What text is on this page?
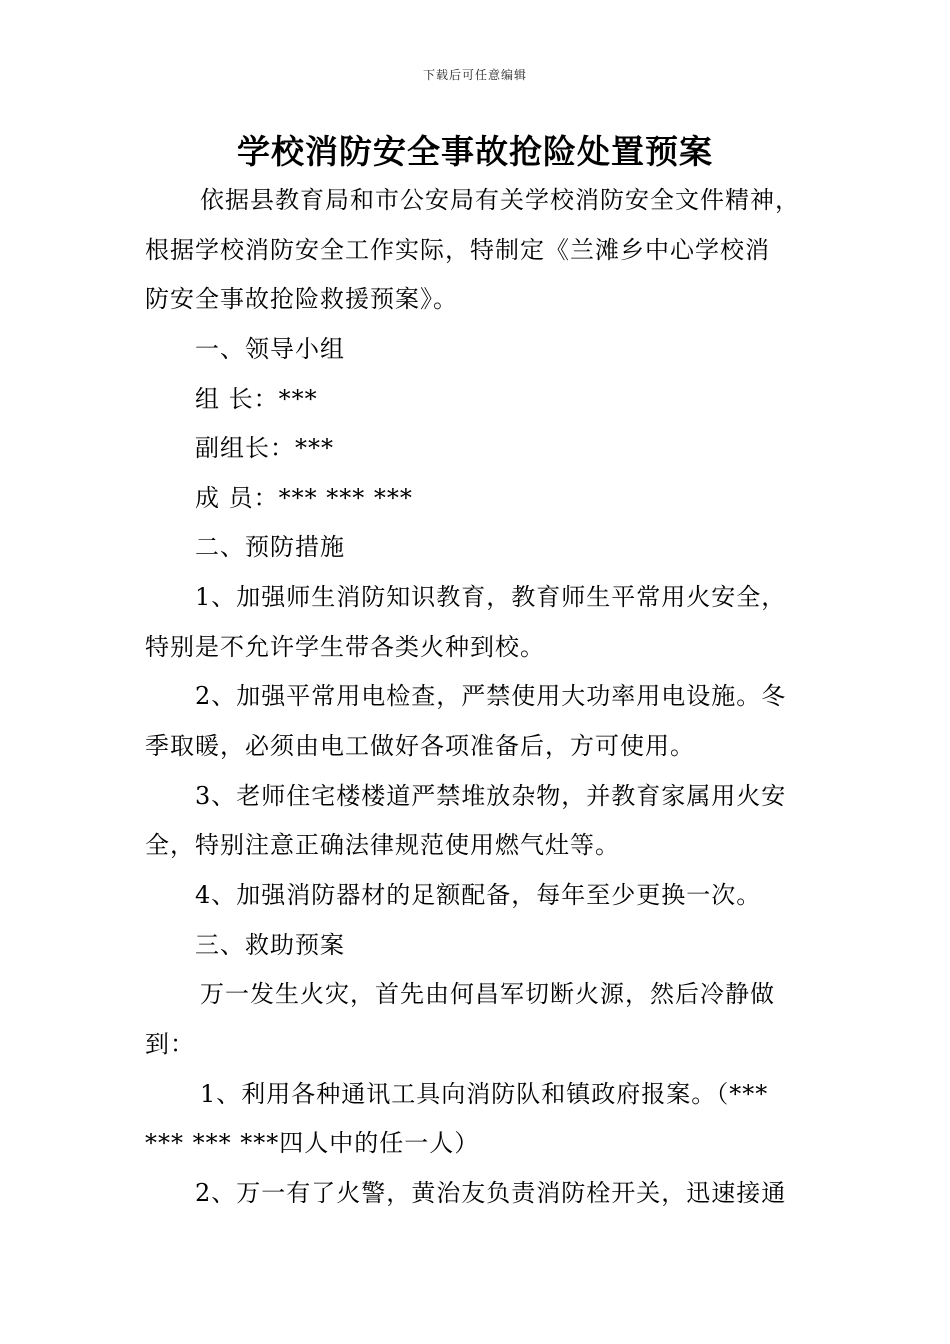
下载后可任意编辑
学校消防安全事故抢险处置预案
依据县教育局和市公安局有关学校消防安全文件精神，
根据学校消防安全工作实际，特制定《兰滩乡中心学校消
防安全事故抢险救援预案》。
一、领导小组
组 长：***
副组长：***
成 员：*** *** ***
二、预防措施
1、加强师生消防知识教育，教育师生平常用火安全，
特别是不允许学生带各类火种到校。
2、加强平常用电检查，严禁使用大功率用电设施。冬
季取暖，必须由电工做好各项准备后，方可使用。
3、老师住宅楼楼道严禁堆放杂物，并教育家属用火安
全，特别注意正确法律规范使用燃气灶等。
4、加强消防器材的足额配备，每年至少更换一次。
三、救助预案
万一发生火灾，首先由何昌军切断火源，然后冷静做
到：
1、利用各种通讯工具向消防队和镇政府报案。（***
*** *** ***四人中的任一人）
2、万一有了火警，黄治友负责消防栓开关，迅速接通
